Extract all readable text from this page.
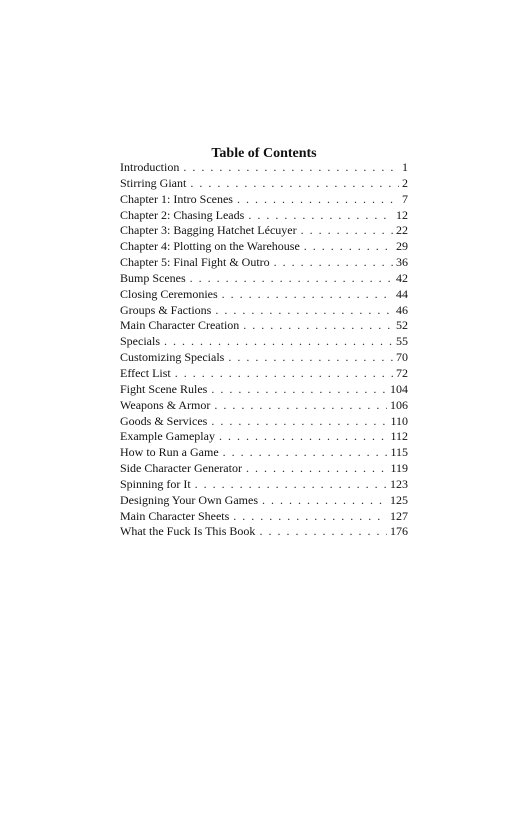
Table of Contents
Introduction . . .	1
Stirring Giant . . .	2
Chapter 1: Intro Scenes . . .	7
Chapter 2: Chasing Leads . . .	12
Chapter 3: Bagging Hatchet Lécuyer . . .	22
Chapter 4: Plotting on the Warehouse . . .	29
Chapter 5: Final Fight & Outro . . .	36
Bump Scenes . . .	42
Closing Ceremonies . . .	44
Groups & Factions . . .	46
Main Character Creation . . .	52
Specials . . .	55
Customizing Specials . . .	70
Effect List . . .	72
Fight Scene Rules . . .	104
Weapons & Armor . . .	106
Goods & Services . . .	110
Example Gameplay . . .	112
How to Run a Game . . .	115
Side Character Generator . . .	119
Spinning for It . . .	123
Designing Your Own Games . . .	125
Main Character Sheets . . .	127
What the Fuck Is This Book . . .	176
